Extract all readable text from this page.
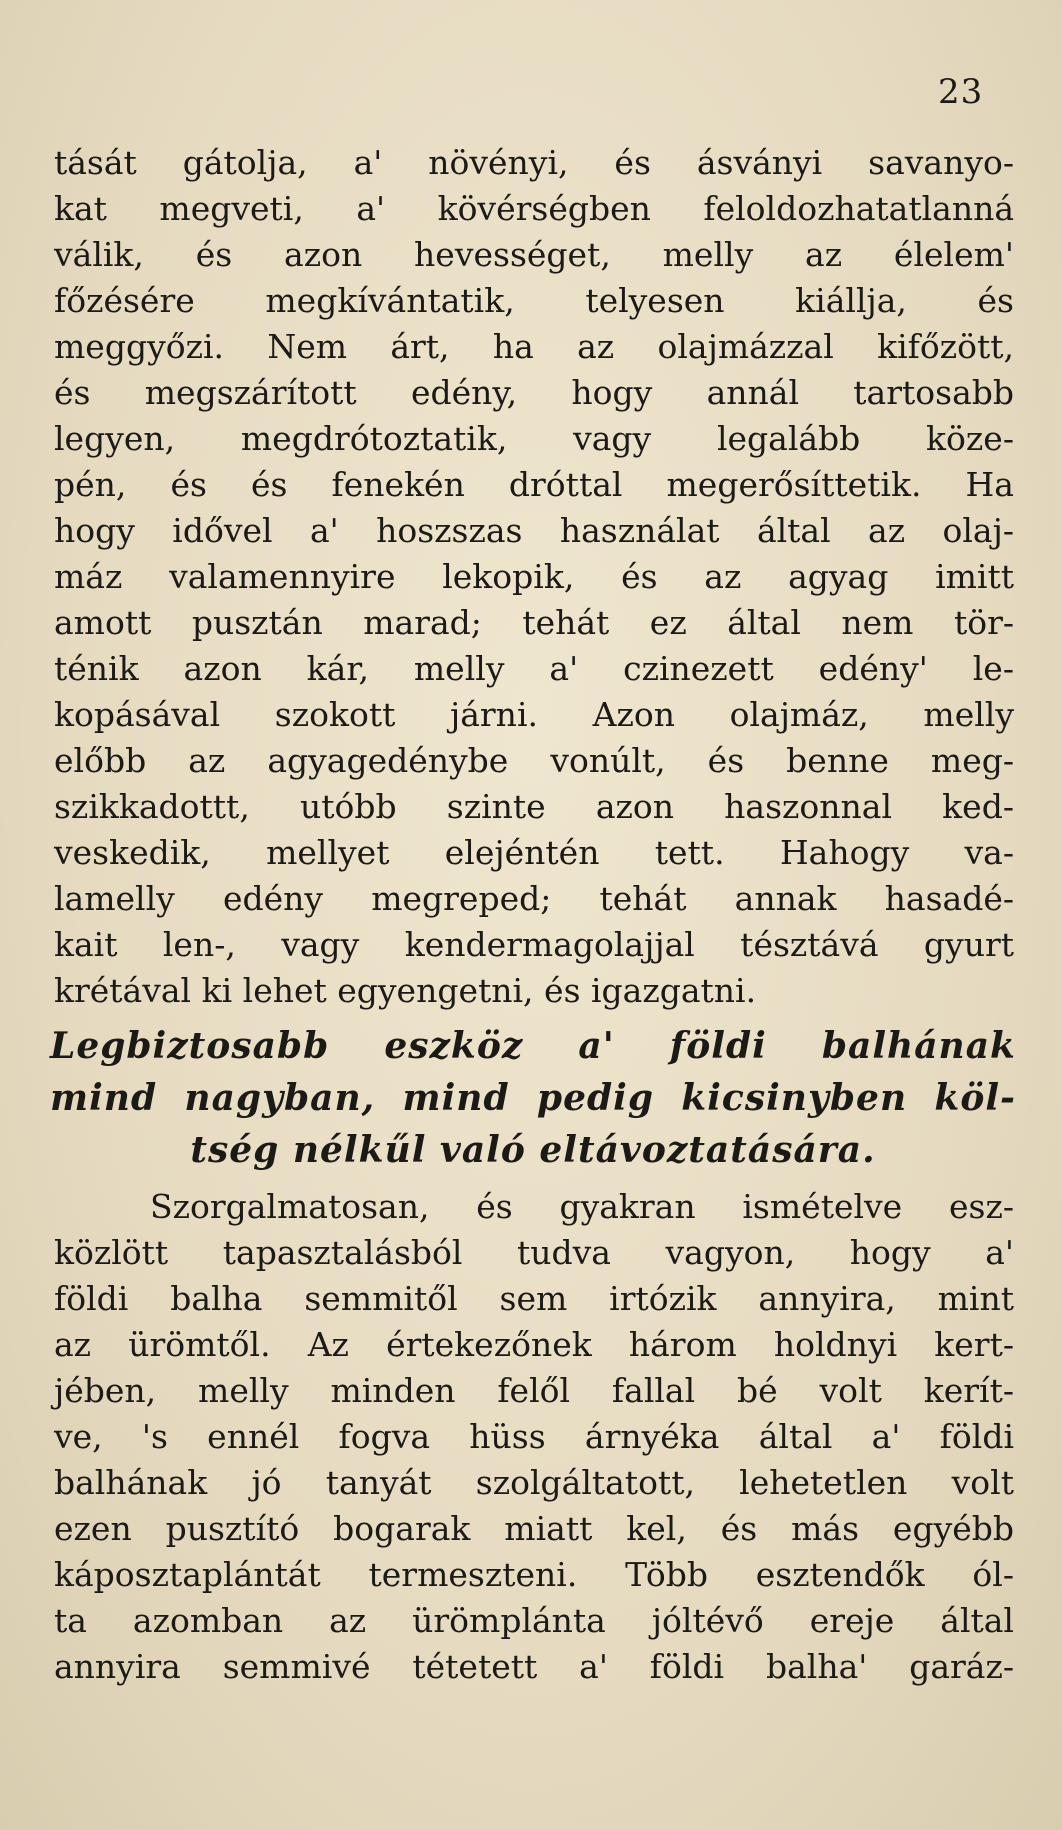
23
tását gátolja, a' növényi, és ásványi savanyo-
kat megveti, a' kövérségben feloldozhatatlanná
válik, és azon hevességet, melly az élelem'
főzésére megkívántatik, telyesen kiállja, és
meggyőzi. Nem árt, ha az olajmázzal kifőzött,
és megszárított edény, hogy annál tartosabb
legyen, megdrótoztatik, vagy legalább köze-
pén, és és fenekén dróttal megerősíttetik. Ha
hogy idővel a' hoszszas használat által az olaj-
máz valamennyire lekopik, és az agyag imitt
amott pusztán marad; tehát ez által nem tör-
ténik azon kár, melly a' czinezett edény' le-
kopásával szokott járni. Azon olajmáz, melly
előbb az agyagedénybe vonúlt, és benne meg-
szikkadottt, utóbb szinte azon haszonnal ked-
veskedik, mellyet elejéntén tett. Hahogy va-
lamelly edény megreped; tehát annak hasadé-
kait len-, vagy kendermagolajjal tésztává gyurt
krétával ki lehet egyengetni, és igazgatni.
Legbiztosabb eszköz a' földi balhának
mind nagyban, mind pedig kicsinyben köl-
tség nélkűl való eltávoztatására.
Szorgalmatosan, és gyakran ismételve esz-
közlött tapasztalásból tudva vagyon, hogy a'
földi balha semmitől sem irtózik annyira, mint
az ürömtől. Az értekezőnek három holdnyi kert-
jében, melly minden felől fallal bé volt kerít-
ve, 's ennél fogva hüss árnyéka által a' földi
balhának jó tanyát szolgáltatott, lehetetlen volt
ezen pusztító bogarak miatt kel, és más egyébb
káposztaplántát termeszteni. Több esztendők ól-
ta azomban az ürömplánta jóltévő ereje által
annyira semmivé tétetett a' földi balha' garáz-
